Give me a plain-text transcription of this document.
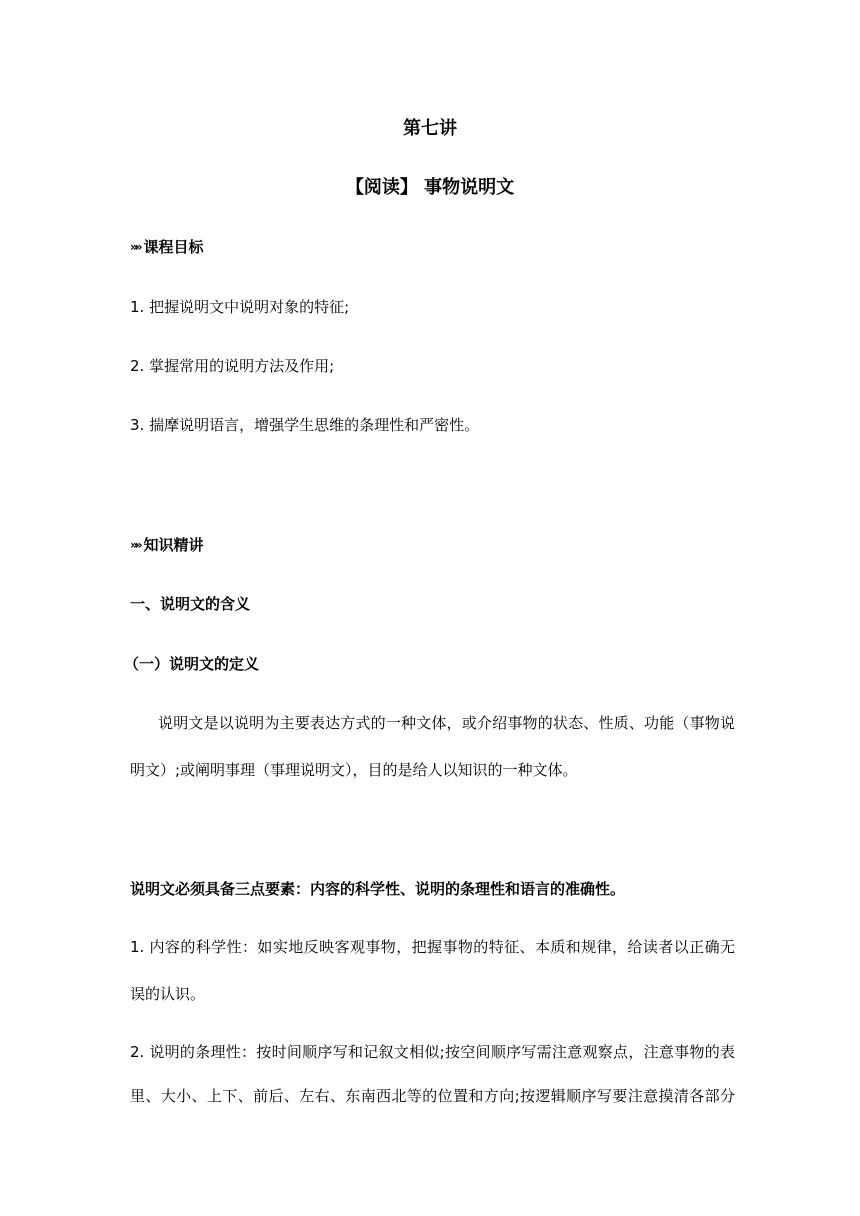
第七讲
【阅读】 事物说明文
»» 课程目标
1. 把握说明文中说明对象的特征;
2. 掌握常用的说明方法及作用;
3. 揣摩说明语言，增强学生思维的条理性和严密性。
»» 知识精讲
一、说明文的含义
（一）说明文的定义
说明文是以说明为主要表达方式的一种文体，或介绍事物的状态、性质、功能（事物说
明文）;或阐明事理（事理说明文），目的是给人以知识的一种文体。
说明文必须具备三点要素：内容的科学性、说明的条理性和语言的准确性。
1. 内容的科学性：如实地反映客观事物，把握事物的特征、本质和规律，给读者以正确无
误的认识。
2. 说明的条理性：按时间顺序写和记叙文相似;按空间顺序写需注意观察点，注意事物的表
里、大小、上下、前后、左右、东南西北等的位置和方向;按逻辑顺序写要注意摸清各部分
